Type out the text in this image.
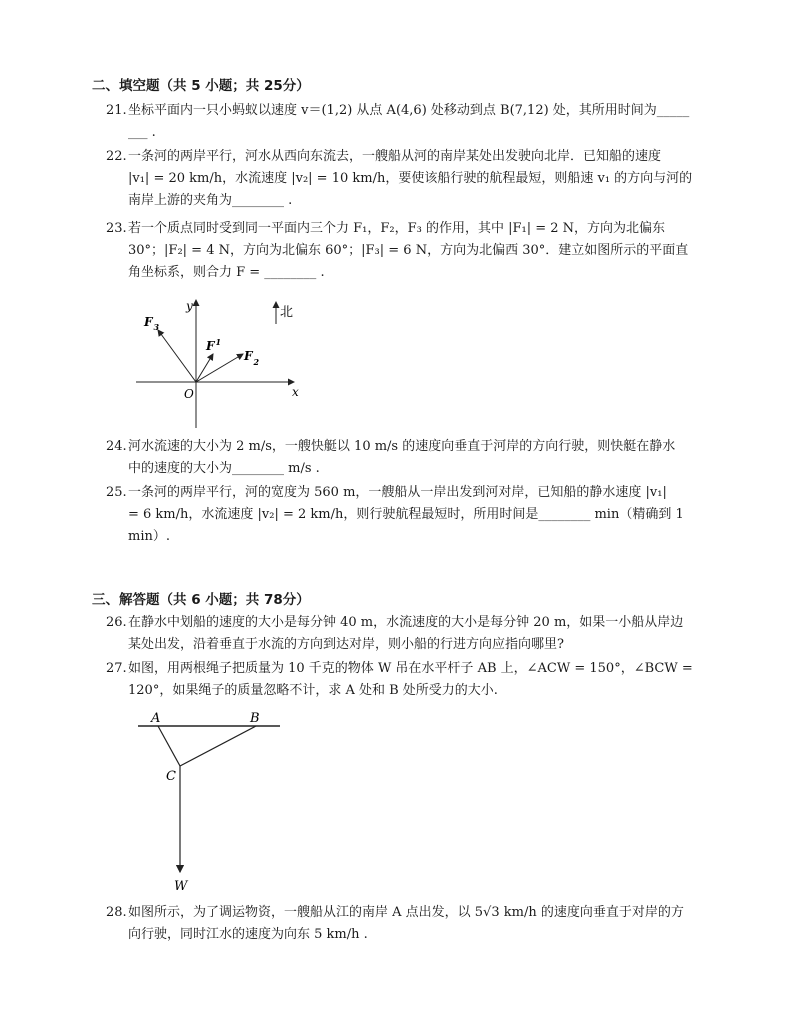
二、填空题（共 5 小题；共 25分）
21.坐标平面内一只小蚂蚁以速度 v＝(1,2) 从点 A(4,6) 处移动到点 B(7,12) 处，其所用时间为_____
___ .
22.一条河的两岸平行，河水从西向东流去，一艘船从河的南岸某处出发驶向北岸．已知船的速度
|v₁| = 20 km/h，水流速度 |v₂| = 10 km/h，要使该船行驶的航程最短，则船速 v₁ 的方向与河的
南岸上游的夹角为________ .
23.若一个质点同时受到同一平面内三个力 F₁，F₂，F₃ 的作用，其中 |F₁| = 2 N，方向为北偏东
30°；|F₂| = 4 N，方向为北偏东 60°；|F₃| = 6 N，方向为北偏西 30°．建立如图所示的平面直
角坐标系，则合力 F = ________ .
y
x
O
北
$F^1$
$F_2$
$F_3$
24.河水流速的大小为 2 m/s，一艘快艇以 10 m/s 的速度向垂直于河岸的方向行驶，则快艇在静水
中的速度的大小为________ m/s .
25.一条河的两岸平行，河的宽度为 560 m，一艘船从一岸出发到河对岸，已知船的静水速度 |v₁|
= 6 km/h，水流速度 |v₂| = 2 km/h，则行驶航程最短时，所用时间是________ min（精确到 1
min）.
三、解答题（共 6 小题；共 78分）
26.在静水中划船的速度的大小是每分钟 40 m，水流速度的大小是每分钟 20 m，如果一小船从岸边
某处出发，沿着垂直于水流的方向到达对岸，则小船的行进方向应指向哪里?
27.如图，用两根绳子把质量为 10 千克的物体 W 吊在水平杆子 AB 上，∠ACW = 150°，∠BCW =
120°，如果绳子的质量忽略不计，求 A 处和 B 处所受力的大小.
A	B
C
W
28.如图所示，为了调运物资，一艘船从江的南岸 A 点出发，以 5√3 km/h 的速度向垂直于对岸的方
向行驶，同时江水的速度为向东 5 km/h .
